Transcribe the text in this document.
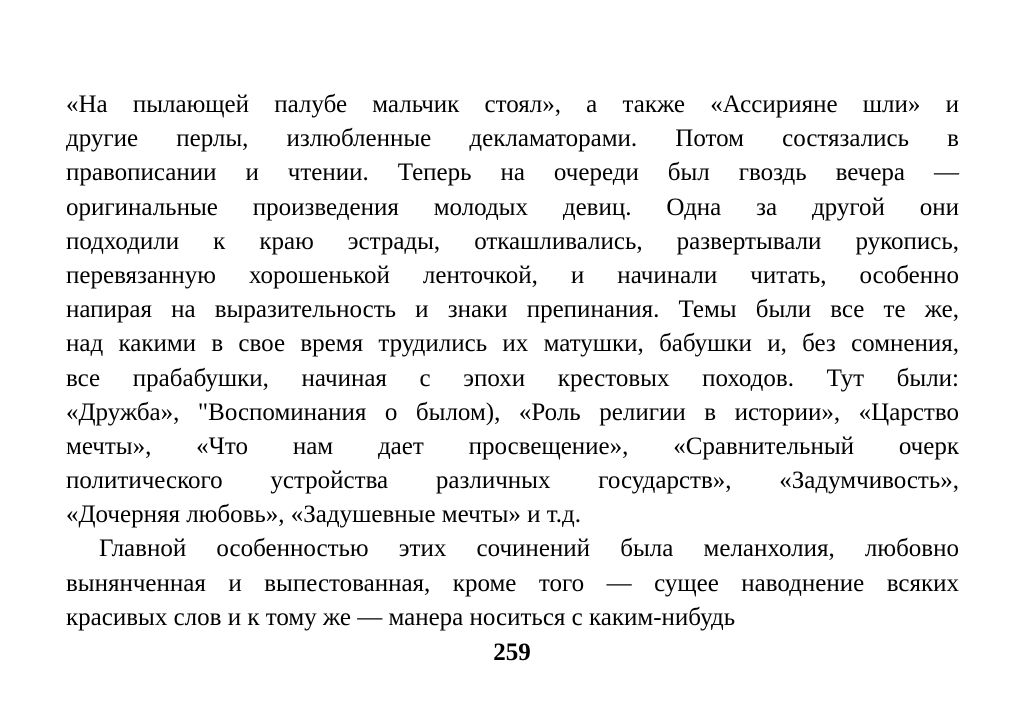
«На пылающей палубе мальчик стоял», а также «Ассирияне шли» и
другие перлы, излюбленные декламаторами. Потом состязались в
правописании и чтении. Теперь на очереди был гвоздь вечера —
оригинальные произведения молодых девиц. Одна за другой они
подходили к краю эстрады, откашливались, развертывали рукопись,
перевязанную хорошенькой ленточкой, и начинали читать, особенно
напирая на выразительность и знаки препинания. Темы были все те же,
над какими в свое время трудились их матушки, бабушки и, без сомнения,
все прабабушки, начиная с эпохи крестовых походов. Тут были:
«Дружба», "Воспоминания о былом), «Роль религии в истории», «Царство
мечты», «Что нам дает просвещение», «Сравнительный очерк
политического устройства различных государств», «Задумчивость»,
«Дочерняя любовь», «Задушевные мечты» и т.д.

Главной особенностью этих сочинений была меланхолия, любовно
вынянченная и выпестованная, кроме того — сущее наводнение всяких
красивых слов и к тому же — манера носиться с каким-нибудь

259
